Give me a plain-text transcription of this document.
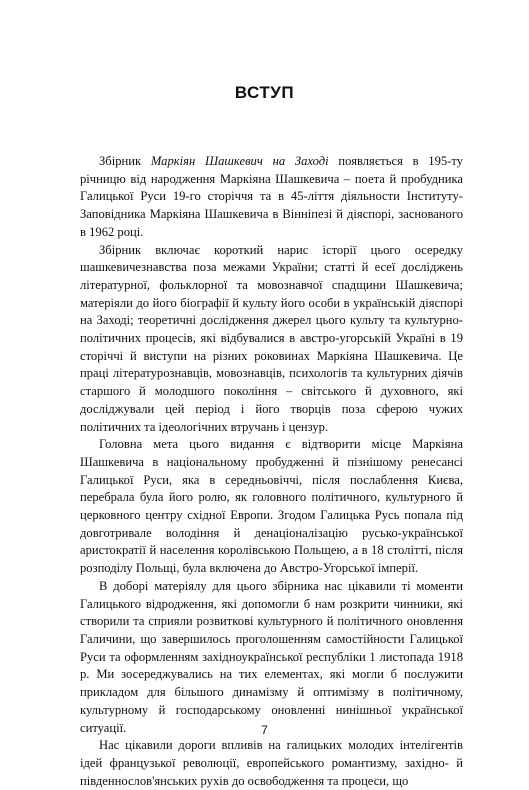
ВСТУП

Збірник Маркіян Шашкевич на Заході появляється в 195-ту річницю від народження Маркіяна Шашкевича – поета й пробудника Галицької Руси 19-го сторіччя та в 45-ліття діяльности Інституту-Заповідника Маркіяна Шашкевича в Вінніпезі й діяспорі, заснованого в 1962 році.

Збірник включає короткий нарис історії цього осередку шашкевичезнавства поза межами України; статті й есеї досліджень літературної, фольклорної та мовознавчої спадщини Шашкевича; матеріяли до його біографії й культу його особи в українській діяспорі на Заході; теоретичні дослідження джерел цього культу та культурно-політичних процесів, які відбувалися в австро-угорській Україні в 19 сторіччі й виступи на різних роковинах Маркіяна Шашкевича. Це праці літературознавців, мовознавців, психологів та культурних діячів старшого й молодшого покоління – світського й духовного, які досліджували цей період і його творців поза сферою чужих політичних та ідеологічних втручань і цензур.

Головна мета цього видання є відтворити місце Маркіяна Шашкевича в національному пробудженні й пізнішому ренесансі Галицької Руси, яка в середньовіччі, після послаблення Києва, перебрала була його ролю, як головного політичного, культурного й церковного центру східної Европи. Згодом Галицька Русь попала під довготривале володіння й денаціоналізацію русько-української аристократії й населення королівською Польщею, а в 18 столітті, після розподілу Польщі, була включена до Австро-Угорської імперії.

В доборі матеріялу для цього збірника нас цікавили ті моменти Галицького відродження, які допомогли б нам розкрити чинники, які створили та сприяли розвиткові культурного й політичного оновлення Галичини, що завершилось проголошенням самостійности Галицької Руси та оформленням західноукраїнської республіки 1 листопада 1918 р. Ми зосереджувались на тих елементах, які могли б послужити прикладом для більшого динамізму й оптимізму в політичному, культурному й господарському оновленні нинішньої української ситуації.

Нас цікавили дороги впливів на галицьких молодих інтелігентів ідей французької революції, европейського романтизму, західно- й південнослов'янських рухів до освободження та процеси, що

7
